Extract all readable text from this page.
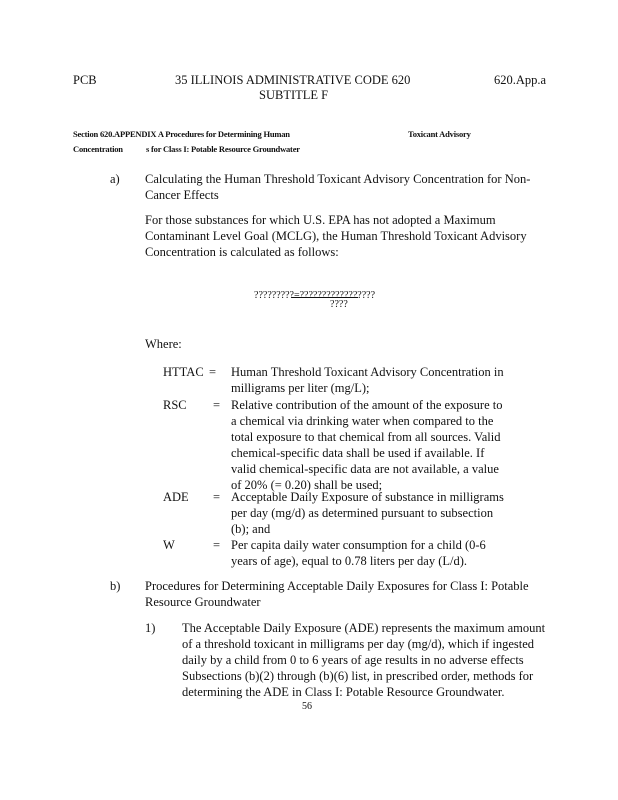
PCB	35 ILLINOIS ADMINISTRATIVE CODE 620
SUBTITLE F
620.App.a
Section 620.APPENDIX A Procedures for Determining Human	Toxicant Advisory
Concentration	s for Class I: Potable Resource Groundwater
a) Calculating the Human Threshold Toxicant Advisory Concentration for Non-
Cancer Effects
For those substances for which U.S. EPA has not adopted a Maximum
Contaminant Level Goal (MCLG), the Human Threshold Toxicant Advisory
Concentration is calculated as follows:
?????????=?????????????????
????
Where:
HTTAC = Human Threshold Toxicant Advisory Concentration in
milligrams per liter (mg/L);
RSC = Relative contribution of the amount of the exposure to
a chemical via drinking water when compared to the
total exposure to that chemical from all sources. Valid
chemical-specific data shall be used if available. If
valid chemical-specific data are not available, a value
of 20% (= 0.20) shall be used;
ADE = Acceptable Daily Exposure of substance in milligrams
per day (mg/d) as determined pursuant to subsection
(b); and
W	= Per capita daily water consumption for a child (0-6
years of age), equal to 0.78 liters per day (L/d).
b) Procedures for Determining Acceptable Daily Exposures for Class I: Potable
Resource Groundwater
1) The Acceptable Daily Exposure (ADE) represents the maximum amount
of a threshold toxicant in milligrams per day (mg/d), which if ingested
daily by a child from 0 to 6 years of age results in no adverse effects
Subsections (b)(2) through (b)(6) list, in prescribed order, methods for
determining the ADE in Class I: Potable Resource Groundwater.
56
